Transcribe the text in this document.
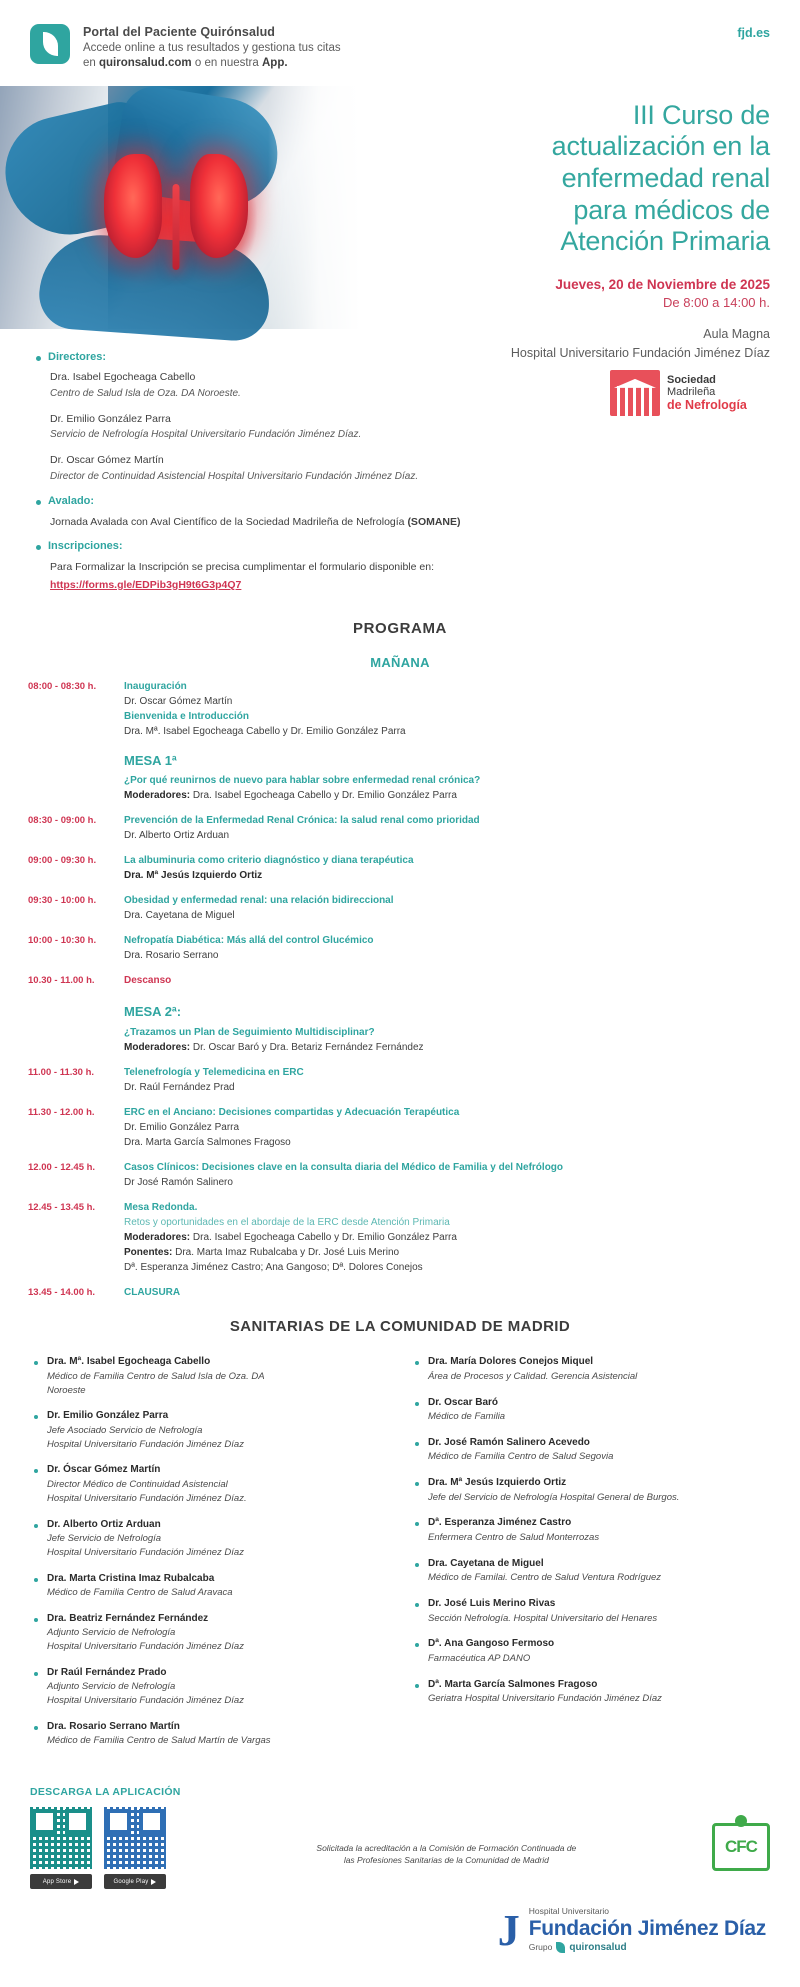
Portal del Paciente Quirónsalud
Accede online a tus resultados y gestiona tus citas
en quironsalud.com o en nuestra App.
fjd.es
III Curso de
actualización en la
enfermedad renal
para médicos de
Atención Primaria
Jueves, 20 de Noviembre de 2025
De 8:00 a 14:00 h.
Aula Magna
Hospital Universitario Fundación Jiménez Díaz
Directores:
Dra. Isabel Egocheaga Cabello
Centro de Salud Isla de Oza. DA Noroeste.
Dr. Emilio González Parra
Servicio de Nefrología Hospital Universitario Fundación Jiménez Díaz.
Dr. Oscar Gómez Martín
Director de Continuidad Asistencial Hospital Universitario Fundación Jiménez Díaz.
Avalado:
Jornada Avalada con Aval Científico de la Sociedad Madrileña de Nefrología (SOMANE)
Inscripciones:
Para Formalizar la Inscripción se precisa cumplimentar el formulario disponible en:
https://forms.gle/EDPib3gH9t6G3p4Q7
Sociedad
Madrileña
de Nefrología
PROGRAMA
MAÑANA
08:00 - 08:30 h.	Inauguración
Dr. Oscar Gómez Martín
Bienvenida e Introducción
Dra. Mª. Isabel Egocheaga Cabello y Dr. Emilio González Parra
MESA 1ª
¿Por qué reunirnos de nuevo para hablar sobre enfermedad renal crónica?
Moderadores: Dra. Isabel Egocheaga Cabello y Dr. Emilio González Parra
08:30 - 09:00 h.	Prevención de la Enfermedad Renal Crónica: la salud renal como prioridad
Dr. Alberto Ortiz Arduan
09:00 - 09:30 h.	La albuminuria como criterio diagnóstico y diana terapéutica
Dra. Mª Jesús Izquierdo Ortiz
09:30 - 10:00 h.	Obesidad y enfermedad renal: una relación bidireccional
Dra. Cayetana de Miguel
10:00 - 10:30 h.	Nefropatía Diabética: Más allá del control Glucémico
Dra. Rosario Serrano
10.30 - 11.00 h.	Descanso
MESA 2ª:
¿Trazamos un Plan de Seguimiento Multidisciplinar?
Moderadores: Dr. Oscar Baró y Dra. Betariz Fernández Fernández
11.00 - 11.30 h.	Telenefrología y Telemedicina en ERC
Dr. Raúl Fernández Prad
11.30 - 12.00 h.	ERC en el Anciano: Decisiones compartidas y Adecuación Terapéutica
Dr. Emilio González Parra
Dra. Marta García Salmones Fragoso
12.00 - 12.45 h.	Casos Clínicos: Decisiones clave en la consulta diaria del Médico de Familia y del Nefrólogo
Dr José Ramón Salinero
12.45 - 13.45 h.	Mesa Redonda.
Retos y oportunidades en el abordaje de la ERC desde Atención Primaria
Moderadores: Dra. Isabel Egocheaga Cabello y Dr. Emilio González Parra
Ponentes: Dra. Marta Imaz Rubalcaba y Dr. José Luis Merino
Dª. Esperanza Jiménez Castro; Ana Gangoso; Dª. Dolores Conejos
13.45 - 14.00 h.	CLAUSURA
SANITARIAS DE LA COMUNIDAD DE MADRID
Dra. Mª. Isabel Egocheaga Cabello
Médico de Familia Centro de Salud Isla de Oza. DA
Noroeste
Dr. Emilio González Parra
Jefe Asociado Servicio de Nefrología
Hospital Universitario Fundación Jiménez Díaz
Dr. Óscar Gómez Martín
Director Médico de Continuidad Asistencial
Hospital Universitario Fundación Jiménez Díaz.
Dr. Alberto Ortiz Arduan
Jefe Servicio de Nefrología
Hospital Universitario Fundación Jiménez Díaz
Dra. Marta Cristina Imaz Rubalcaba
Médico de Familia Centro de Salud Aravaca
Dra. Beatriz Fernández Fernández
Adjunto Servicio de Nefrología
Hospital Universitario Fundación Jiménez Díaz
Dr Raúl Fernández Prado
Adjunto Servicio de Nefrología
Hospital Universitario Fundación Jiménez Díaz
Dra. Rosario Serrano Martín
Médico de Familia Centro de Salud Martín de Vargas
Dra. María Dolores Conejos Miquel
Área de Procesos y Calidad. Gerencia Asistencial
Dr. Oscar Baró
Médico de Familia
Dr. José Ramón Salinero Acevedo
Médico de Familia Centro de Salud Segovia
Dra. Mª Jesús Izquierdo Ortiz
Jefe del Servicio de Nefrología Hospital General de Burgos.
Dª. Esperanza Jiménez Castro
Enfermera Centro de Salud Monterrozas
Dra. Cayetana de Miguel
Médico de Familai. Centro de Salud Ventura Rodríguez
Dr. José Luis Merino Rivas
Sección Nefrología. Hospital Universitario del Henares
Dª. Ana Gangoso Fermoso
Farmacéutica AP DANO
Dª. Marta García Salmones Fragoso
Geriatra Hospital Universitario Fundación Jiménez Díaz
DESCARGA LA APLICACIÓN
App Store	Google Play
Solicitada la acreditación a la Comisión de Formación Continuada de
las Profesiones Sanitarias de la Comunidad de Madrid
CFC
J Hospital Universitario
Fundación Jiménez Díaz
Grupo quironsalud
